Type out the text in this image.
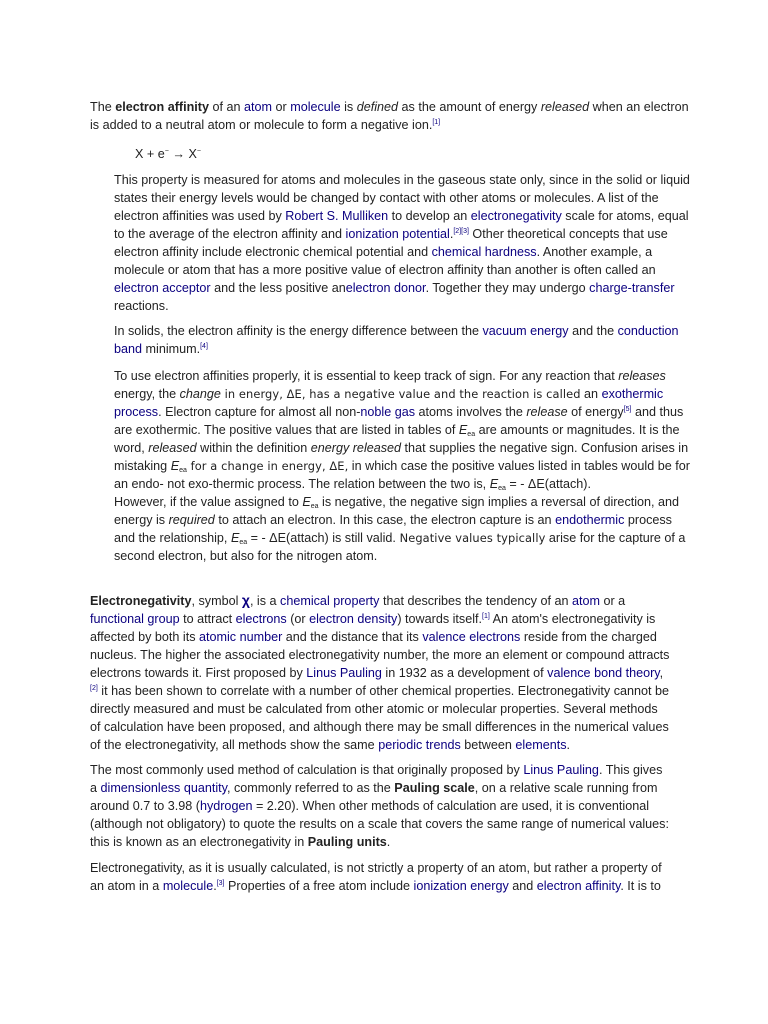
The electron affinity of an atom or molecule is defined as the amount of energy released when an electron is added to a neutral atom or molecule to form a negative ion.[1]

X + e− → X−

This property is measured for atoms and molecules in the gaseous state only, since in the solid or liquid states their energy levels would be changed by contact with other atoms or molecules. A list of the electron affinities was used by Robert S. Mulliken to develop an electronegativity scale for atoms, equal to the average of the electron affinity and ionization potential.[2][3] Other theoretical concepts that use electron affinity include electronic chemical potential and chemical hardness. Another example, a molecule or atom that has a more positive value of electron affinity than another is often called an electron acceptor and the less positive anelectron donor. Together they may undergo charge-transfer reactions.

In solids, the electron affinity is the energy difference between the vacuum energy and the conduction band minimum.[4]

To use electron affinities properly, it is essential to keep track of sign. For any reaction that releases energy, the change in energy, ΔE, has a negative value and the reaction is called an exothermic process. Electron capture for almost all non-noble gas atoms involves the release of energy[5] and thus are exothermic. The positive values that are listed in tables of $E_{ea}$ are amounts or magnitudes. It is the word, released within the definition energy released that supplies the negative sign. Confusion arises in mistaking $E_{ea}$ for a change in energy, ΔE, in which case the positive values listed in tables would be for an endo- not exo-thermic process. The relation between the two is, $E_{ea}$ = - ΔE(attach).
However, if the value assigned to $E_{ea}$ is negative, the negative sign implies a reversal of direction, and energy is required to attach an electron. In this case, the electron capture is an endothermic process and the relationship, $E_{ea}$ = - ΔE(attach) is still valid. Negative values typically arise for the capture of a second electron, but also for the nitrogen atom.

Electronegativity, symbol χ, is a chemical property that describes the tendency of an atom or a functional group to attract electrons (or electron density) towards itself.[1] An atom's electronegativity is affected by both its atomic number and the distance that its valence electrons reside from the charged nucleus. The higher the associated electronegativity number, the more an element or compound attracts electrons towards it. First proposed by Linus Pauling in 1932 as a development of valence bond theory,[2] it has been shown to correlate with a number of other chemical properties. Electronegativity cannot be directly measured and must be calculated from other atomic or molecular properties. Several methods of calculation have been proposed, and although there may be small differences in the numerical values of the electronegativity, all methods show the same periodic trends between elements.

The most commonly used method of calculation is that originally proposed by Linus Pauling. This gives a dimensionless quantity, commonly referred to as the Pauling scale, on a relative scale running from around 0.7 to 3.98 (hydrogen = 2.20). When other methods of calculation are used, it is conventional (although not obligatory) to quote the results on a scale that covers the same range of numerical values: this is known as an electronegativity in Pauling units.

Electronegativity, as it is usually calculated, is not strictly a property of an atom, but rather a property of an atom in a molecule.[3] Properties of a free atom include ionization energy and electron affinity. It is to
